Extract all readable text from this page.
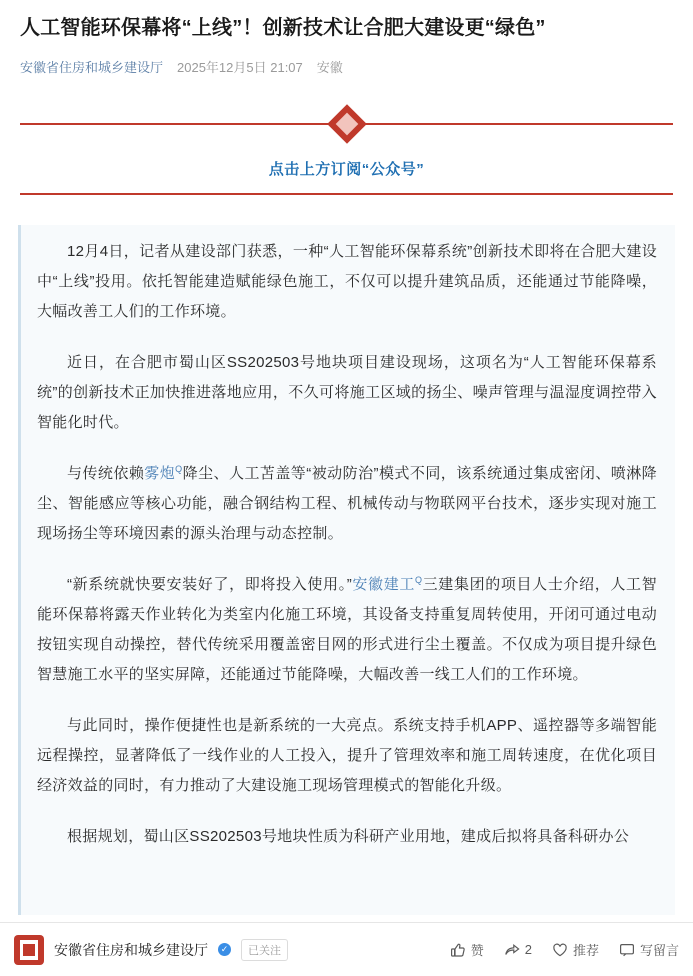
人工智能环保幕将“上线”！创新技术让合肥大建设更“绿色”
安徽省住房和城乡建设厅 2025年12月5日 21:07 安徽
点击上方订阅“公众号”

12月4日，记者从建设部门获悉，一种“人工智能环保幕系统”创新技术即将在合肥大建设中“上线”投用。依托智能建造赋能绿色施工，不仅可以提升建筑品质，还能通过节能降噪，大幅改善工人们的工作环境。

近日，在合肥市蜀山区SS202503号地块项目建设现场，这项名为“人工智能环保幕系统”的创新技术正加快推进落地应用，不久可将施工区域的扬尘、噪声管理与温湿度调控带入智能化时代。

与传统依赖雾炮$^Q$降尘、人工苫盖等“被动防治”模式不同，该系统通过集成密闭、喷淋降尘、智能感应等核心功能，融合钢结构工程、机械传动与物联网平台技术，逐步实现对施工现场扬尘等环境因素的源头治理与动态控制。

“新系统就快要安装好了，即将投入使用。”安徽建工$^Q$三建集团的项目人士介绍，人工智能环保幕将露天作业转化为类室内化施工环境，其设备支持重复周转使用，开闭可通过电动按钮实现自动操控，替代传统采用覆盖密目网的形式进行尘土覆盖。不仅成为项目提升绿色智慧施工水平的坚实屏障，还能通过节能降噪，大幅改善一线工人们的工作环境。

与此同时，操作便捷性也是新系统的一大亮点。系统支持手机APP、遥控器等多端智能远程操控，显著降低了一线作业的人工投入，提升了管理效率和施工周转速度，在优化项目经济效益的同时，有力推动了大建设施工现场管理模式的智能化升级。

根据规划，蜀山区SS202503号地块性质为科研产业用地，建成后拟将具备科研办公

安徽省住房和城乡建设厅	✓	已关注	赞	2	推荐	写留言
